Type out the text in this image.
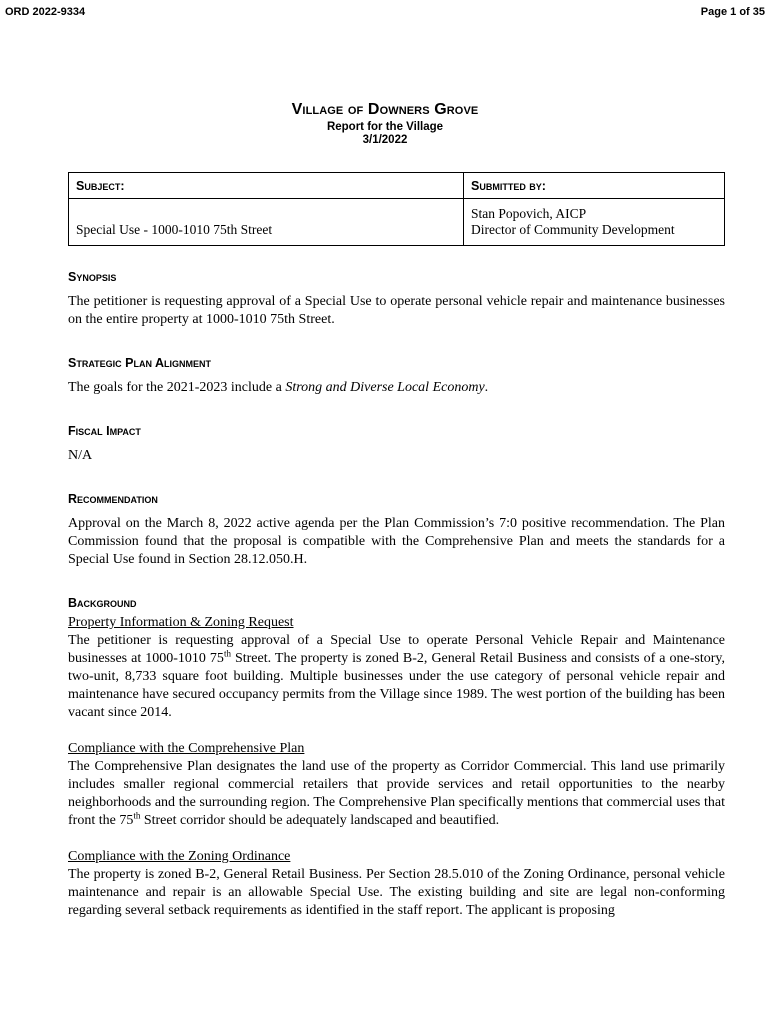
ORD 2022-9334	Page 1 of 35
Village of Downers Grove
Report for the Village
3/1/2022
Subject:	Submitted by:

Special Use - 1000-1010 75th Street	Stan Popovich, AICP
Director of Community Development
Synopsis

The petitioner is requesting approval of a Special Use to operate personal vehicle repair and maintenance businesses on the entire property at 1000-1010 75th Street.

Strategic Plan Alignment

The goals for the 2021-2023 include a Strong and Diverse Local Economy.

Fiscal Impact

N/A

Recommendation

Approval on the March 8, 2022 active agenda per the Plan Commission’s 7:0 positive recommendation. The Plan Commission found that the proposal is compatible with the Comprehensive Plan and meets the standards for a Special Use found in Section 28.12.050.H.

Background

Property Information & Zoning Request

The petitioner is requesting approval of a Special Use to operate Personal Vehicle Repair and Maintenance businesses at 1000-1010 75th Street. The property is zoned B-2, General Retail Business and consists of a one-story, two-unit, 8,733 square foot building. Multiple businesses under the use category of personal vehicle repair and maintenance have secured occupancy permits from the Village since 1989. The west portion of the building has been vacant since 2014.

Compliance with the Comprehensive Plan

The Comprehensive Plan designates the land use of the property as Corridor Commercial. This land use primarily includes smaller regional commercial retailers that provide services and retail opportunities to the nearby neighborhoods and the surrounding region. The Comprehensive Plan specifically mentions that commercial uses that front the 75th Street corridor should be adequately landscaped and beautified.

Compliance with the Zoning Ordinance

The property is zoned B-2, General Retail Business. Per Section 28.5.010 of the Zoning Ordinance, personal vehicle maintenance and repair is an allowable Special Use. The existing building and site are legal non-conforming regarding several setback requirements as identified in the staff report. The applicant is proposing
